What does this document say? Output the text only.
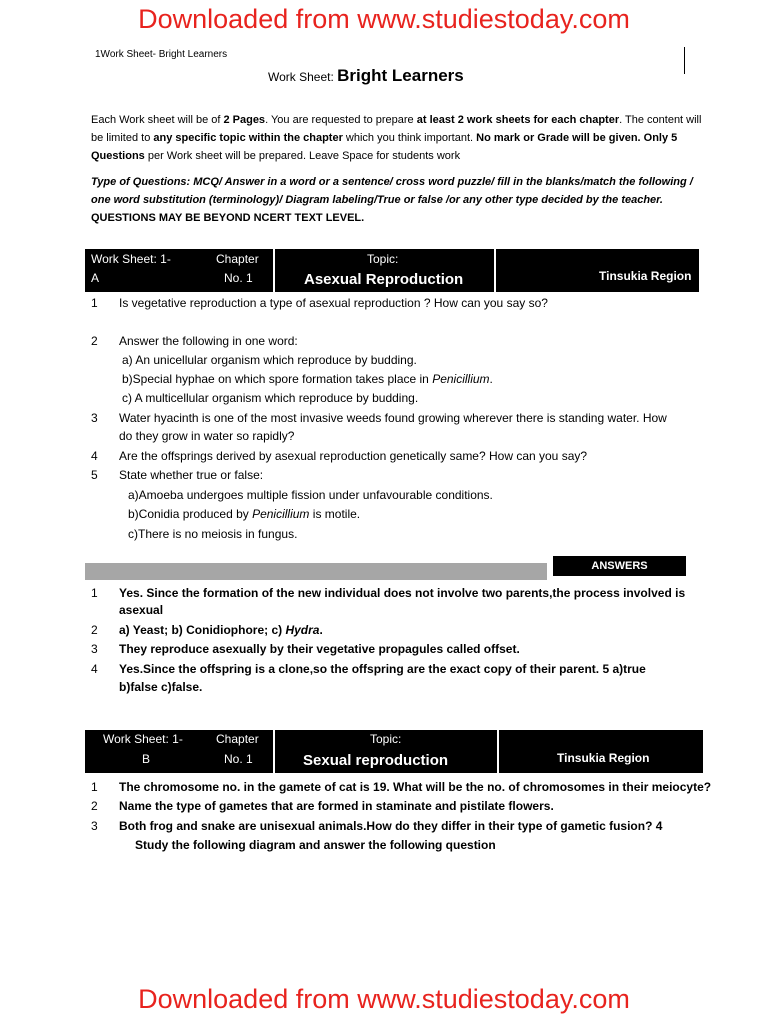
Downloaded from www.studiestoday.com
1Work Sheet- Bright Learners
Work Sheet: Bright Learners
Each Work sheet will be of 2 Pages. You are requested to prepare at least 2 work sheets for each chapter. The content will be limited to any specific topic within the chapter which you think important. No mark or Grade will be given. Only 5 Questions per Work sheet will be prepared. Leave Space for students work
Type of Questions: MCQ/ Answer in a word or a sentence/ cross word puzzle/ fill in the blanks/match the following / one word substitution (terminology)/ Diagram labeling/True or false /or any other type decided by the teacher.
QUESTIONS MAY BE BEYOND NCERT TEXT LEVEL.
Work Sheet: 1-
A
Chapter
No. 1
Topic:
Asexual Reproduction	Tinsukia Region
1 Is vegetative reproduction a type of asexual reproduction ? How can you say so?
2 Answer the following in one word:
a) An unicellular organism which reproduce by budding.
b)Special hyphae on which spore formation takes place in Penicillium.
c) A multicellular organism which reproduce by budding.
3 Water hyacinth is one of the most invasive weeds found growing wherever there is standing water. How
do they grow in water so rapidly?
4 Are the offsprings derived by asexual reproduction genetically same? How can you say?
5 State whether true or false:
a)Amoeba undergoes multiple fission under unfavourable conditions.
b)Conidia produced by Penicillium is motile.
c)There is no meiosis in fungus.
1 Yes. Since the formation of the new individual does not involve two parents,the process involved is
asexual
2 a) Yeast; b) Conidiophore; c) Hydra.
3 They reproduce asexually by their vegetative propagules called offset.
4 Yes.Since the offspring is a clone,so the offspring are the exact copy of their parent. 5 a)true
b)false c)false.
1 The chromosome no. in the gamete of cat is 19. What will be the no. of chromosomes in their meiocyte?
2 Name the type of gametes that are formed in staminate and pistilate flowers.
3 Both frog and snake are unisexual animals.How do they differ in their type of gametic fusion? 4
Study the following diagram and answer the following question
ANSWERS
Work Sheet: 1-
B
Chapter
No. 1
Topic:
Sexual reproduction	Tinsukia Region
Downloaded from www.studiestoday.com
